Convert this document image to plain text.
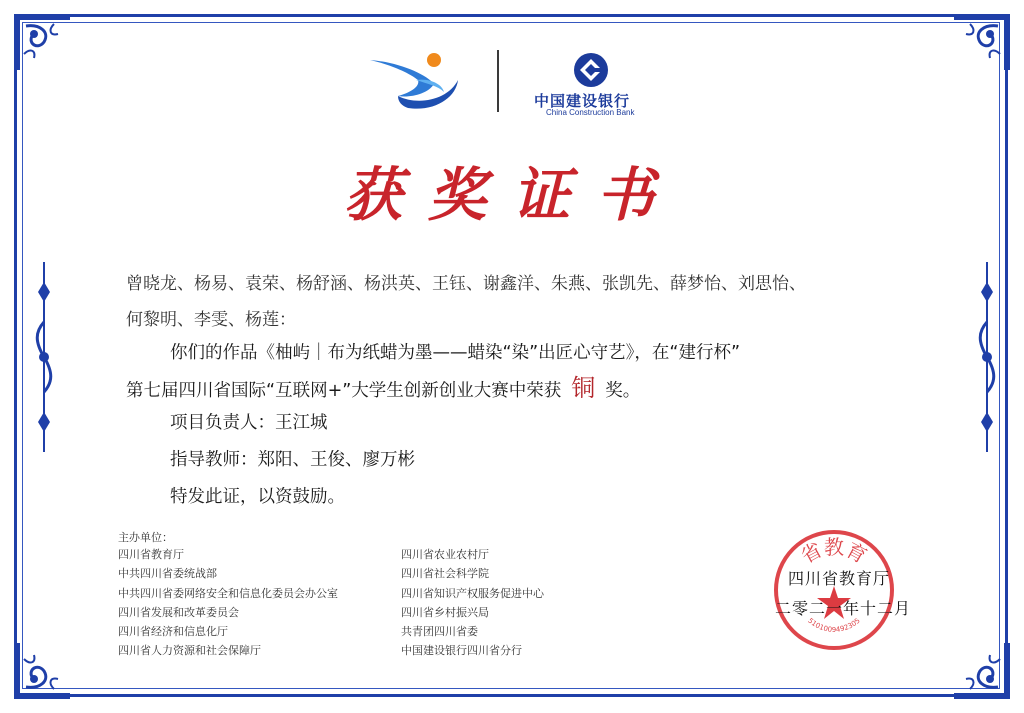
中国建设银行
China Construction Bank
获奖证书
曾晓龙、杨易、袁荣、杨舒涵、杨洪英、王钰、谢鑫洋、朱燕、张凯先、薛梦怡、刘思怡、
何黎明、李雯、杨莲：
你们的作品《柚屿｜布为纸蜡为墨——蜡染“染”出匠心守艺》，在“建行杯”
第七届四川省国际“互联网+”大学生创新创业大赛中荣获 铜 奖。
项目负责人：王江城
指导教师：郑阳、王俊、廖万彬
特发此证，以资鼓励。
主办单位：
四川省教育厅
中共四川省委统战部
中共四川省委网络安全和信息化委员会办公室
四川省发展和改革委员会
四川省经济和信息化厅
四川省人力资源和社会保障厅
四川省农业农村厅
四川省社会科学院
四川省知识产权服务促进中心
四川省乡村振兴局
共青团四川省委
中国建设银行四川省分行
省教育
5101009492305
四川省教育厅
二零二一年十二月
